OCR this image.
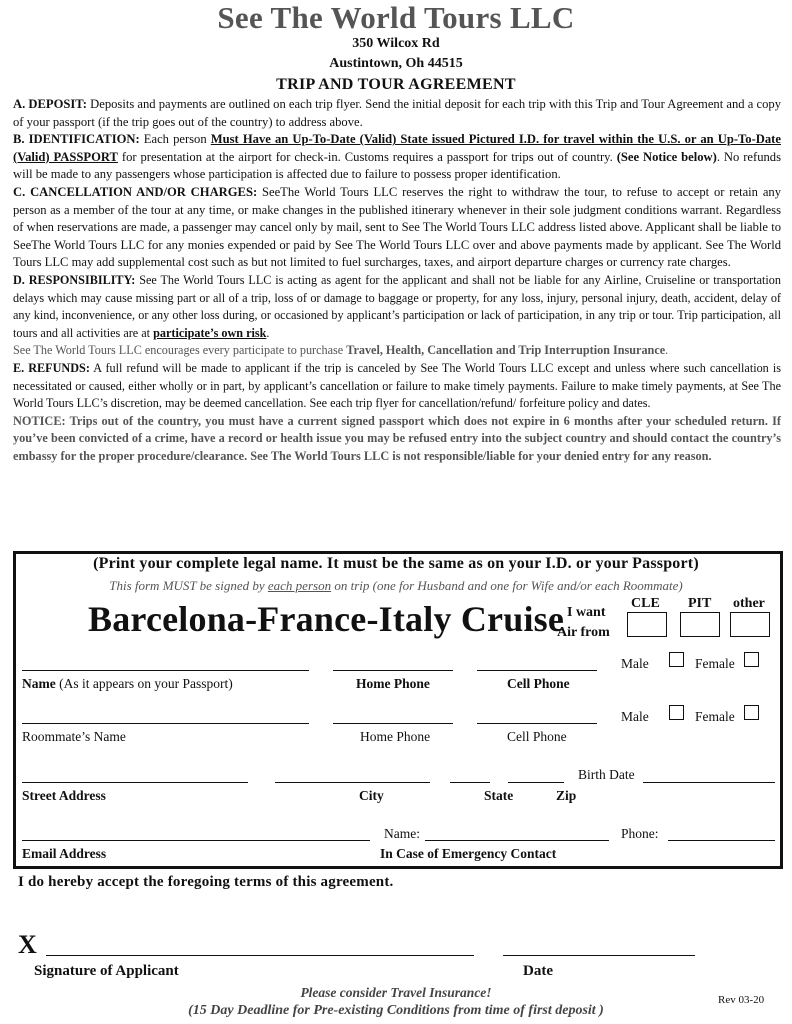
See The World Tours LLC
350 Wilcox Rd
Austintown, Oh 44515
TRIP AND TOUR AGREEMENT

A. DEPOSIT: Deposits and payments are outlined on each trip flyer. Send the initial deposit for each trip with this Trip and Tour Agreement and a copy of your passport (if the trip goes out of the country) to address above.

B. IDENTIFICATION: Each person Must Have an Up-To-Date (Valid) State issued Pictured I.D. for travel within the U.S. or an Up-To-Date (Valid) PASSPORT for presentation at the airport for check-in. Customs requires a passport for trips out of country. (See Notice below). No refunds will be made to any passengers whose participation is affected due to failure to possess proper identification.

C. CANCELLATION AND/OR CHARGES: SeeThe World Tours LLC reserves the right to withdraw the tour, to refuse to accept or retain any person as a member of the tour at any time, or make changes in the published itinerary whenever in their sole judgment conditions warrant. Regardless of when reservations are made, a passenger may cancel only by mail, sent to See The World Tours LLC address listed above. Applicant shall be liable to SeeThe World Tours LLC for any monies expended or paid by See The World Tours LLC over and above payments made by applicant. See The World Tours LLC may add supplemental cost such as but not limited to fuel surcharges, taxes, and airport departure charges or currency rate charges.

D. RESPONSIBILITY: See The World Tours LLC is acting as agent for the applicant and shall not be liable for any Airline, Cruiseline or transportation delays which may cause missing part or all of a trip, loss of or damage to baggage or property, for any loss, injury, personal injury, death, accident, delay of any kind, inconvenience, or any other loss during, or occasioned by applicant’s participation or lack of participation, in any trip or tour. Trip participation, all tours and all activities are at participate’s own risk.

See The World Tours LLC encourages every participate to purchase Travel, Health, Cancellation and Trip Interruption Insurance.

E. REFUNDS: A full refund will be made to applicant if the trip is canceled by See The World Tours LLC except and unless where such cancellation is necessitated or caused, either wholly or in part, by applicant’s cancellation or failure to make timely payments. Failure to make timely payments, at See The World Tours LLC’s discretion, may be deemed cancellation. See each trip flyer for cancellation/refund/ forfeiture policy and dates.

NOTICE: Trips out of the country, you must have a current signed passport which does not expire in 6 months after your scheduled return. If you’ve been convicted of a crime, have a record or health issue you may be refused entry into the subject country and should contact the country’s embassy for the proper procedure/clearance. See The World Tours LLC is not responsible/liable for your denied entry for any reason.

(Print your complete legal name. It must be the same as on your I.D. or your Passport)
This form MUST be signed by each person on trip (one for Husband and one for Wife and/or each Roommate)
Barcelona-France-Italy Cruise I want
Air from
CLE PIT other
Male	Female
Name (As it appears on your Passport)	Home Phone	Cell Phone
Male	Female
Roommate’s Name	Home Phone	Cell Phone
Birth Date
Street Address	City	State	Zip
Name:	Phone:
Email Address	In Case of Emergency Contact
I do hereby accept the foregoing terms of this agreement.
X
Signature of Applicant	Date
Please consider Travel Insurance!
(15 Day Deadline for Pre-existing Conditions from time of first deposit )
Rev 03-20
